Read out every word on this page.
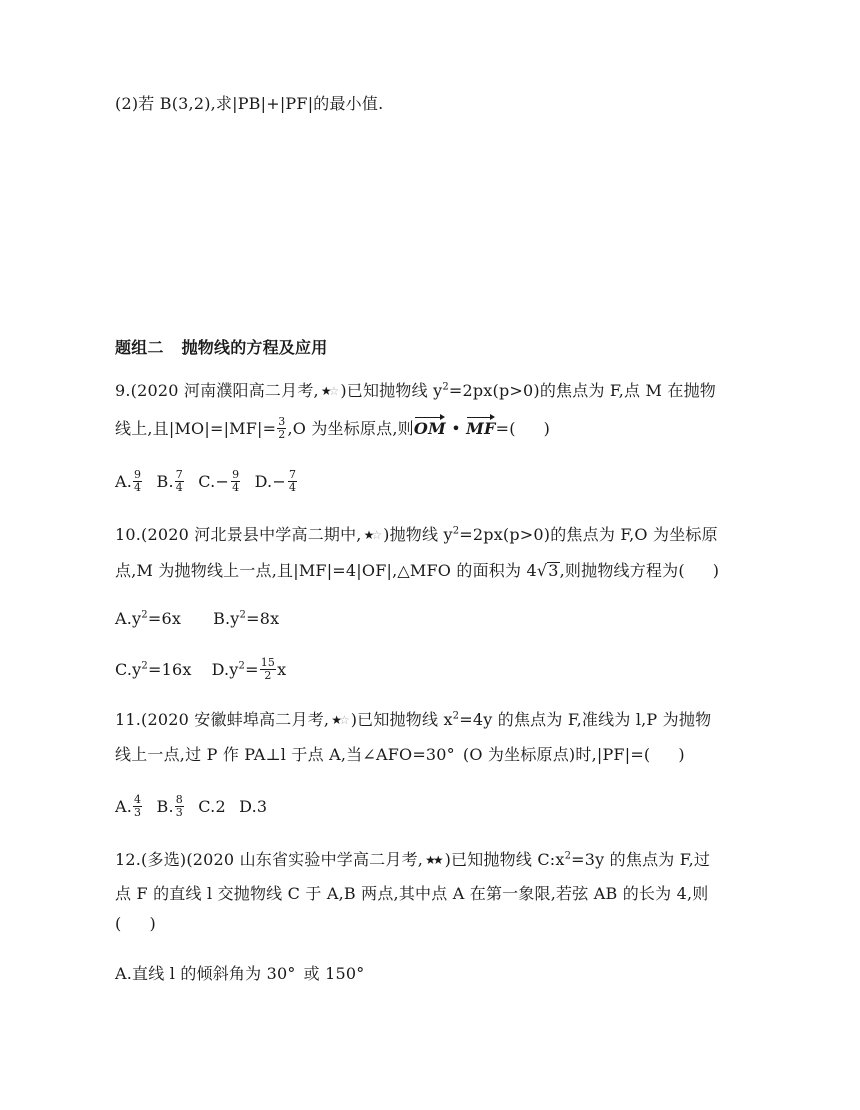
(2)若 B(3,2),求|PB|+|PF|的最小值.
题组二 抛物线的方程及应用
9.(2020 河南濮阳高二月考, ★☆ )已知抛物线 $y^2=2px(p>0)$的焦点为 F,点 M 在抛物
线上,且$|MO|=|MF|= \frac{3}{2} ,O$ 为坐标原点,则OM • MF=( )
A. $\frac{9}{4} B$. $\frac{7}{4} C.- \frac{9}{4} D.- \frac{7}{4}$
10.(2020 河北景县中学高二期中, ★☆ )抛物线 $y^2=2px(p>0)$的焦点为 F,O 为坐标原
点,M 为抛物线上一点,且|MF|=4|OF|,△MFO 的面积为 4√3,则抛物线方程为( )
$A.y^2=6x$ $B.y^2=8x$
$C.y^2=16x$ $D.y^2= \frac{15}{2}$ x
11.(2020 安徽蚌埠高二月考, ★☆ )已知抛物线 $x^2=4y$ 的焦点为 F,准线为 l,P 为抛物
线上一点,过 P 作 PA⊥l 于点 A,当∠AFO=30° (O 为坐标原点)时,|PF|=( )
A. $\frac{4}{3} B$. $\frac{8}{3} C.2$ D.3
12.(多选)(2020 山东省实验中学高二月考, ★★ )已知抛物线 $C:x^2=3y$ 的焦点为 F,过
点 F 的直线 l 交抛物线 C 于 A,B 两点,其中点 A 在第一象限,若弦 AB 的长为 4,则
( )
A.直线 l 的倾斜角为 30° 或 150°
